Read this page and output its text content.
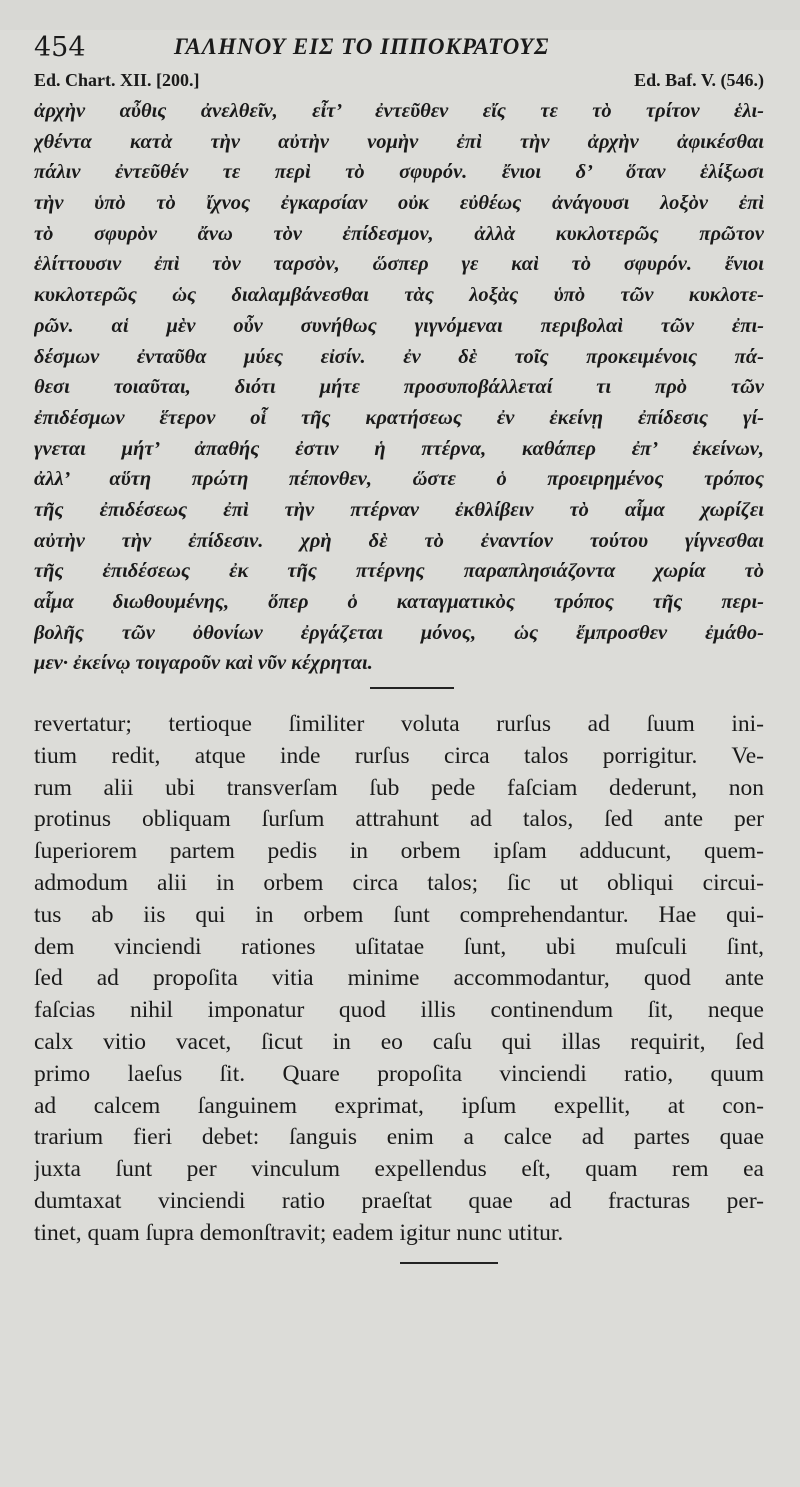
454	ΓΑΛΗΝΟΥ ΕΙΣ ΤΟ ΙΠΠΟΚΡΑΤΟΥΣ
Ed. Chart. XII. [200.]	Ed. Baf. V. (546.)
ἀρχὴν αὖθις ἀνελθεῖν, εἶτ’ ἐντεῦθεν εἴς τε τὸ τρίτον ἑλι-
χθέντα κατὰ τὴν αὐτὴν νομὴν ἐπὶ τὴν ἀρχὴν ἀφικέσθαι
πάλιν ἐντεῦθέν τε περὶ τὸ σφυρόν. ἔνιοι δ’ ὅταν ἑλίξωσι
τὴν ὑπὸ τὸ ἴχνος ἐγκαρσίαν οὐκ εὐθέως ἀνάγουσι λοξὸν ἐπὶ
τὸ σφυρὸν ἄνω τὸν ἐπίδεσμον, ἀλλὰ κυκλοτερῶς πρῶτον
ἑλίττουσιν ἐπὶ τὸν ταρσὸν, ὥσπερ γε καὶ τὸ σφυρόν. ἔνιοι
κυκλοτερῶς ὡς διαλαμβάνεσθαι τὰς λοξὰς ὑπὸ τῶν κυκλοτε-
ρῶν. αἱ μὲν οὖν συνήθως γιγνόμεναι περιβολαὶ τῶν ἐπι-
δέσμων ἐνταῦθα μύες εἰσίν. ἐν δὲ τοῖς προκειμένοις πά-
θεσι τοιαῦται, διότι μήτε προσυποβάλλεταί τι πρὸ τῶν
ἐπιδέσμων ἕτερον οἷ τῆς κρατήσεως ἐν ἐκείνῃ ἐπίδεσις γί-
γνεται μήτ’ ἀπαθής ἐστιν ἡ πτέρνα, καθάπερ ἐπ’ ἐκείνων,
ἀλλ’ αὕτη πρώτη πέπονθεν, ὥστε ὁ προειρημένος τρόπος
τῆς ἐπιδέσεως ἐπὶ τὴν πτέρναν ἐκθλίβειν τὸ αἷμα χωρίζει
αὐτὴν τὴν ἐπίδεσιν. χρὴ δὲ τὸ ἐναντίον τούτου γίγνεσθαι
τῆς ἐπιδέσεως ἐκ τῆς πτέρνης παραπλησιάζοντα χωρία τὸ
αἷμα διωθουμένης, ὅπερ ὁ καταγματικὸς τρόπος τῆς περι-
βολῆς τῶν ὀθονίων ἐργάζεται μόνος, ὡς ἔμπροσθεν ἐμάθο-
μεν· ἐκείνῳ τοιγαροῦν καὶ νῦν κέχρηται.
revertatur; tertioque ſimiliter voluta rurſus ad ſuum ini-
tium redit, atque inde rurſus circa talos porrigitur. Ve-
rum alii ubi transverſam ſub pede faſciam dederunt, non
protinus obliquam ſurſum attrahunt ad talos, ſed ante per
ſuperiorem partem pedis in orbem ipſam adducunt, quem-
admodum alii in orbem circa talos; ſic ut obliqui circui-
tus ab iis qui in orbem ſunt comprehendantur. Hae qui-
dem vinciendi rationes uſitatae ſunt, ubi muſculi ſint,
ſed ad propoſita vitia minime accommodantur, quod ante
faſcias nihil imponatur quod illis continendum ſit, neque
calx vitio vacet, ſicut in eo caſu qui illas requirit, ſed
primo laeſus ſit. Quare propoſita vinciendi ratio, quum
ad calcem ſanguinem exprimat, ipſum expellit, at con-
trarium fieri debet: ſanguis enim a calce ad partes quae
juxta ſunt per vinculum expellendus eſt, quam rem ea
dumtaxat vinciendi ratio praeſtat quae ad fracturas per-
tinet, quam ſupra demonſtravit; eadem igitur nunc utitur.
